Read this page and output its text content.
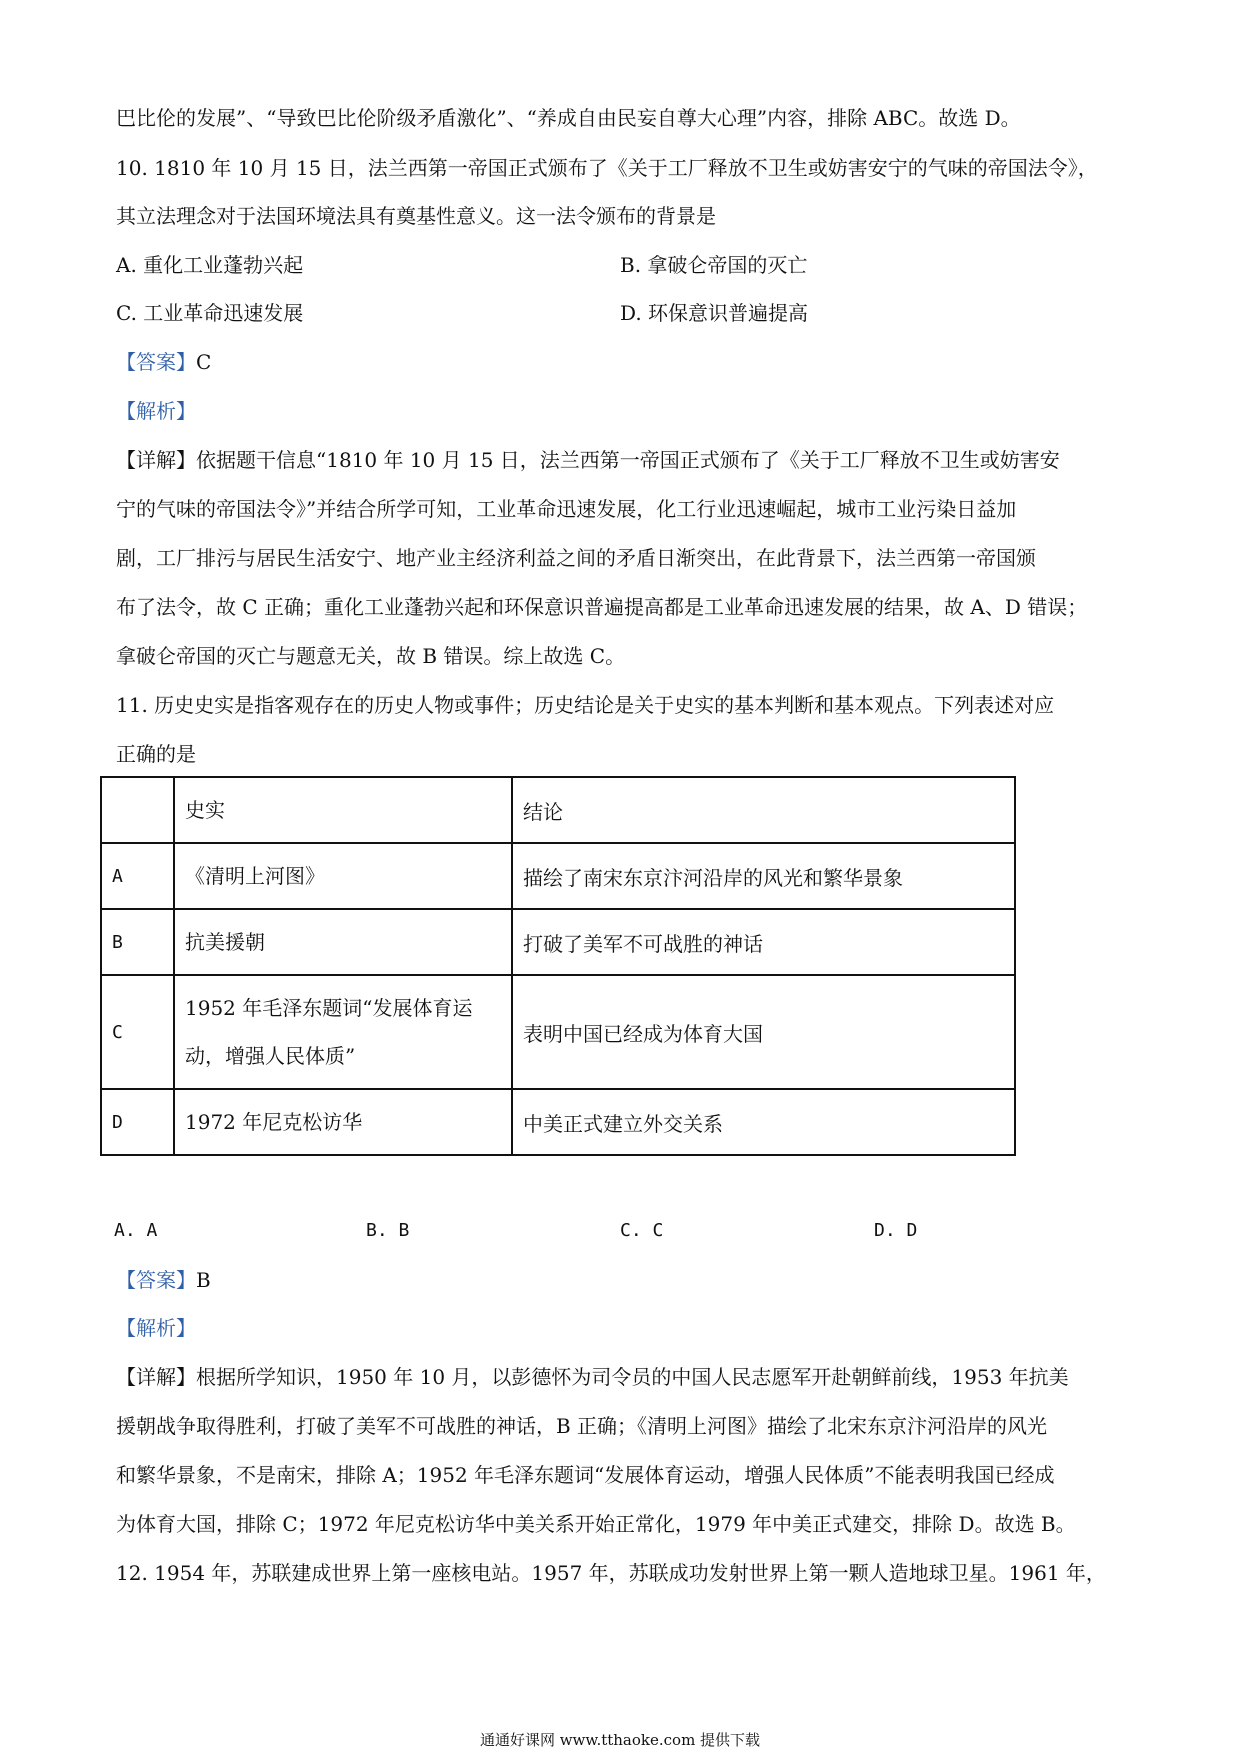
巴比伦的发展”、“导致巴比伦阶级矛盾激化”、“养成自由民妄自尊大心理”内容，排除 ABC。故选 D。
10. 1810 年 10 月 15 日，法兰西第一帝国正式颁布了《关于工厂释放不卫生或妨害安宁的气味的帝国法令》，
其立法理念对于法国环境法具有奠基性意义。这一法令颁布的背景是
A. 重化工业蓬勃兴起	B. 拿破仑帝国的灭亡
C. 工业革命迅速发展	D. 环保意识普遍提高
【答案】C
【解析】
【详解】依据题干信息“1810 年 10 月 15 日，法兰西第一帝国正式颁布了《关于工厂释放不卫生或妨害安
宁的气味的帝国法令》”并结合所学可知，工业革命迅速发展，化工行业迅速崛起，城市工业污染日益加
剧，工厂排污与居民生活安宁、地产业主经济利益之间的矛盾日渐突出，在此背景下，法兰西第一帝国颁
布了法令，故 C 正确；重化工业蓬勃兴起和环保意识普遍提高都是工业革命迅速发展的结果，故 A、D 错误；
拿破仑帝国的灭亡与题意无关，故 B 错误。综上故选 C。
11. 历史史实是指客观存在的历史人物或事件；历史结论是关于史实的基本判断和基本观点。下列表述对应
正确的是
	史实	结论
A	《清明上河图》	描绘了南宋东京汴河沿岸的风光和繁华景象
B	抗美援朝	打破了美军不可战胜的神话
C	1952 年毛泽东题词“发展体育运动，增强人民体质”	表明中国已经成为体育大国
D	1972 年尼克松访华	中美正式建立外交关系
A. A	B. B	C. C	D. D
【答案】B
【解析】
【详解】根据所学知识，1950 年 10 月，以彭德怀为司令员的中国人民志愿军开赴朝鲜前线，1953 年抗美
援朝战争取得胜利，打破了美军不可战胜的神话，B 正确；《清明上河图》描绘了北宋东京汴河沿岸的风光
和繁华景象，不是南宋，排除 A；1952 年毛泽东题词“发展体育运动，增强人民体质”不能表明我国已经成
为体育大国，排除 C；1972 年尼克松访华中美关系开始正常化，1979 年中美正式建交，排除 D。故选 B。
12. 1954 年，苏联建成世界上第一座核电站。1957 年，苏联成功发射世界上第一颗人造地球卫星。1961 年，
通通好课网 www.tthaoke.com 提供下载
